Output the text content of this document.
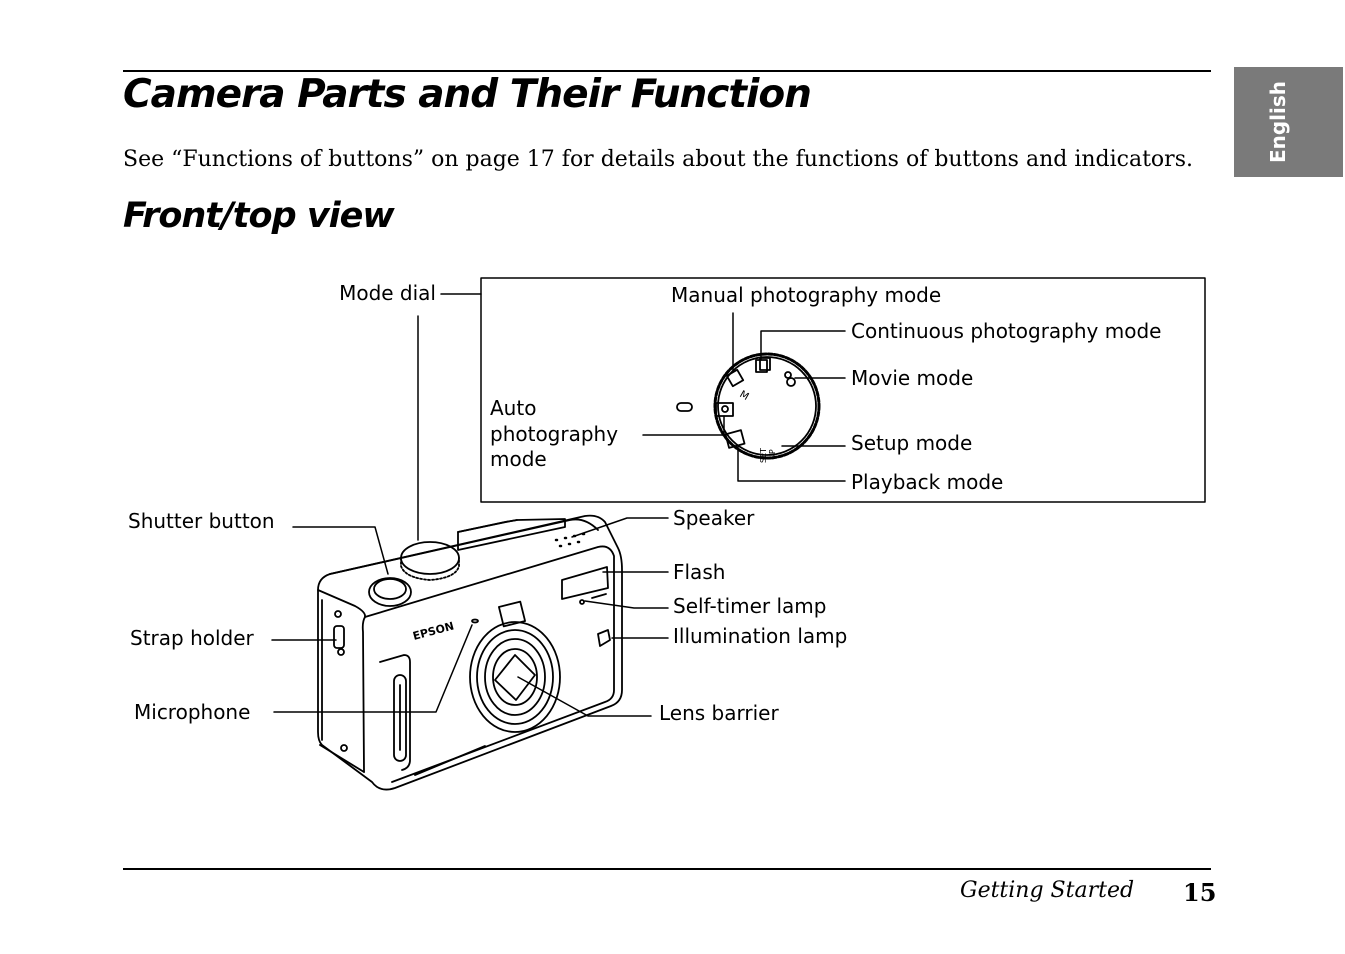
Camera Parts and Their Function

See “Functions of buttons” on page 17 for details about the functions of buttons and indicators.

Front/top view
English
EPSON
M
SET UP
Mode dial	Manual photography mode
Continuous photography mode
Movie mode
Auto
photography
mode
Setup mode
Playback mode
Shutter button	Speaker
Flash
Self-timer lamp
Strap holder	Illumination lamp
Microphone	Lens barrier
Getting Started 15
